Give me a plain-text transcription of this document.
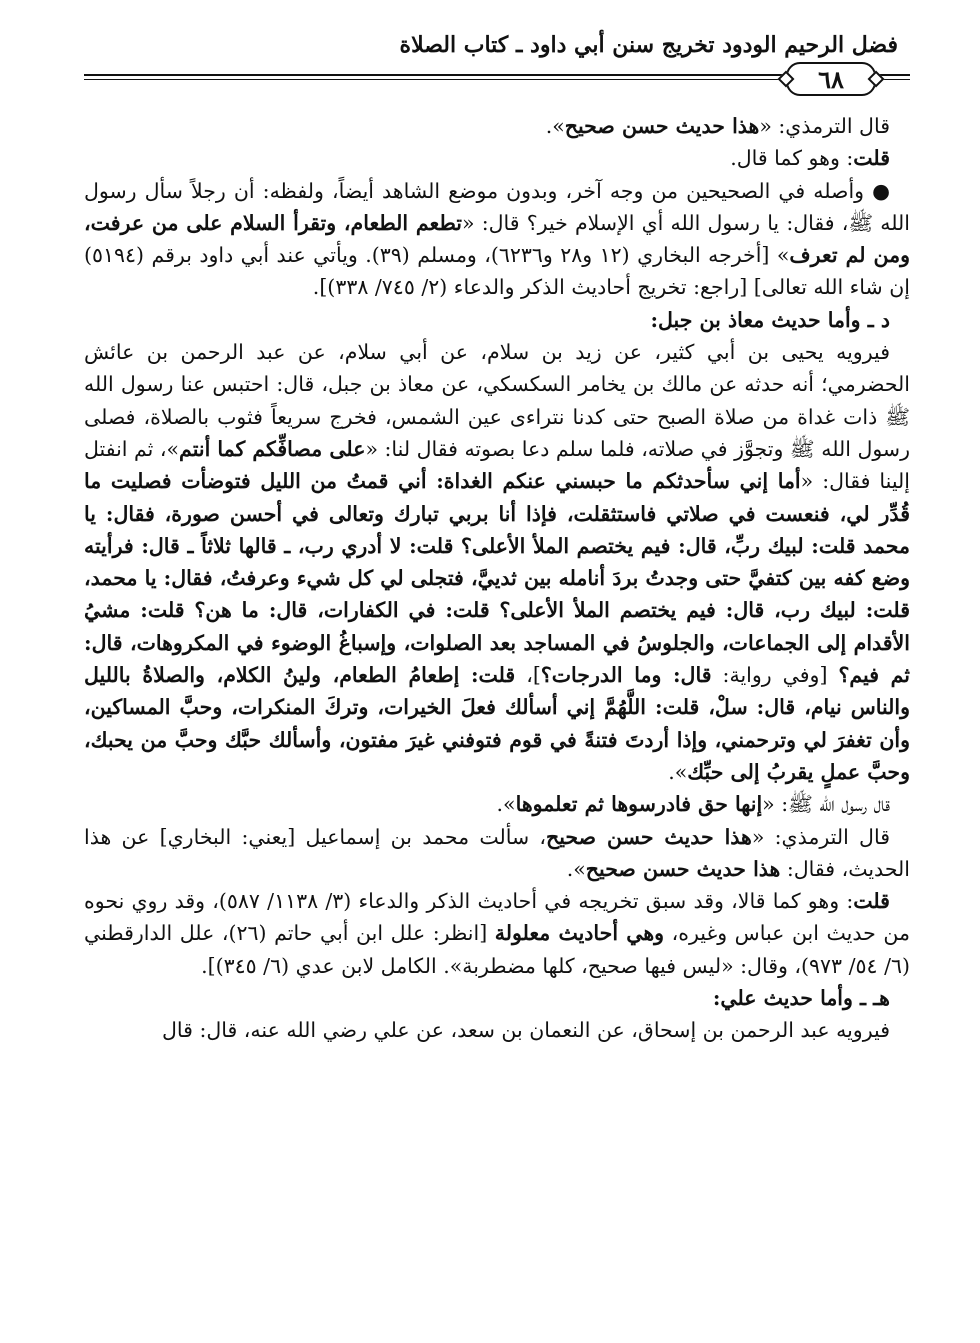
فضل الرحيم الودود تخريج سنن أبي داود ـ كتاب الصلاة
٦٨

قال الترمذي: «هذا حديث حسن صحيح».

قلت: وهو كما قال.

● وأصله في الصحيحين من وجه آخر، وبدون موضع الشاهد أيضاً، ولفظه: أن رجلاً سأل رسول الله ﷺ، فقال: يا رسول الله أي الإسلام خير؟ قال: «تطعم الطعام، وتقرأ السلام على من عرفت، ومن لم تعرف» [أخرجه البخاري (١٢ و٢٨ و٦٢٣٦)، ومسلم (٣٩). ويأتي عند أبي داود برقم (٥١٩٤) إن شاء الله تعالى] [راجع: تخريج أحاديث الذكر والدعاء (٢/ ٧٤٥/ ٣٣٨)].

د ـ وأما حديث معاذ بن جبل:

فيرويه يحيى بن أبي كثير، عن زيد بن سلام، عن أبي سلام، عن عبد الرحمن بن عائش الحضرمي؛ أنه حدثه عن مالك بن يخامر السكسكي، عن معاذ بن جبل، قال: احتبس عنا رسول الله ﷺ ذات غداة من صلاة الصبح حتى كدنا نتراءى عين الشمس، فخرج سريعاً فثوب بالصلاة، فصلى رسول الله ﷺ وتجوَّز في صلاته، فلما سلم دعا بصوته فقال لنا: «على مصافِّكم كما أنتم»، ثم انفتل إلينا فقال: «أما إني سأحدثكم ما حبسني عنكم الغداة: أني قمتُ من الليل فتوضأت فصليت ما قُدِّر لي، فنعست في صلاتي فاستثقلت، فإذا أنا بربي تبارك وتعالى في أحسن صورة، فقال: يا محمد قلت: لبيك ربِّ، قال: فيم يختصم الملأ الأعلى؟ قلت: لا أدري رب، ـ قالها ثلاثاً ـ قال: فرأيته وضع كفه بين كتفيَّ حتى وجدتُ بردَ أنامله بين ثدييَّ، فتجلى لي كل شيء وعرفتُ، فقال: يا محمد، قلت: لبيك رب، قال: فيم يختصم الملأ الأعلى؟ قلت: في الكفارات، قال: ما هن؟ قلت: مشيُ الأقدام إلى الجماعات، والجلوسُ في المساجد بعد الصلوات، وإسباغُ الوضوء في المكروهات، قال: ثم فيم؟ [وفي رواية: قال: وما الدرجات؟]، قلت: إطعامُ الطعام، ولينُ الكلام، والصلاةُ بالليل والناس نيام، قال: سلْ، قلت: اللَّهُمَّ إني أسألك فعلَ الخيرات، وتركَ المنكرات، وحبَّ المساكين، وأن تغفرَ لي وترحمني، وإذا أردتَ فتنةً في قوم فتوفني غيرَ مفتون، وأسألك حبَّك وحبَّ من يحبك، وحبَّ عملٍ يقربُ إلى حبِّك».

قال رسول الله ﷺ: «إنها حق فادرسوها ثم تعلموها».

قال الترمذي: «هذا حديث حسن صحيح، سألت محمد بن إسماعيل [يعني: البخاري] عن هذا الحديث، فقال: هذا حديث حسن صحيح».

قلت: وهو كما قالا، وقد سبق تخريجه في أحاديث الذكر والدعاء (٣/ ١١٣٨/ ٥٨٧)، وقد روي نحوه من حديث ابن عباس وغيره، وهي أحاديث معلولة [انظر: علل ابن أبي حاتم (٢٦)، علل الدارقطني (٦/ ٥٤/ ٩٧٣)، وقال: «ليس فيها صحيح، كلها مضطربة». الكامل لابن عدي (٦/ ٣٤٥)].

هـ ـ وأما حديث علي:

فيرويه عبد الرحمن بن إسحاق، عن النعمان بن سعد، عن علي رضي الله عنه، قال: قال
